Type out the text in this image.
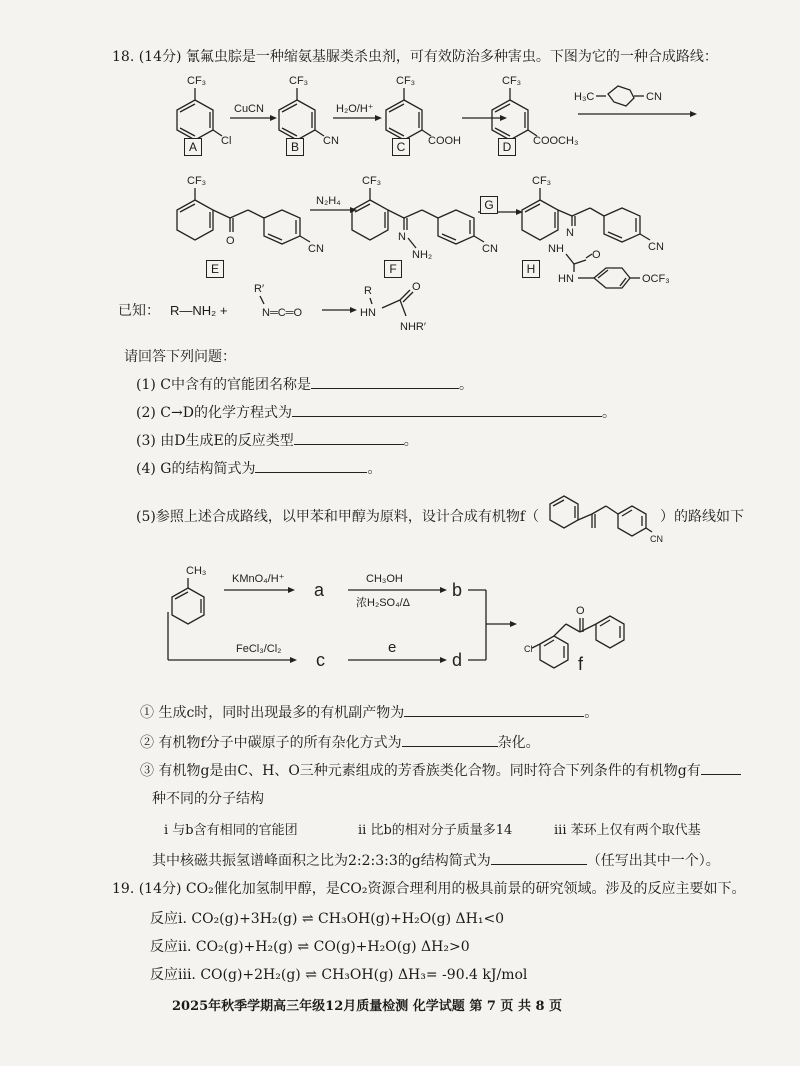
18. (14分) 氰氟虫腙是一种缩氨基脲类杀虫剂，可有效防治多种害虫。下图为它的一种合成路线：
CF₃
Cl
CuCN
CF₃
CN
H₂O/H⁺
CF₃
COOH
CF₃
COOCH₃
H₃C	CN
A	B	C	D
CF₃
O
CN
N₂H₄
CF₃
N
NH₂	CN
CF₃
N
NH	CN
O
HN	OCF₃
G
E	F	H
已知： R—NH₂ +
R′
N═C═O
R
HN
O
NHR′
请回答下列问题：
(1) C中含有的官能团名称是	。
(2) C→D的化学方程式为	。
(3) 由D生成E的反应类型	。
(4) G的结构简式为	。
(5)参照上述合成路线，以甲苯和甲醇为原料，设计合成有机物f（
CN
）的路线如下
CH₃
KMnO₄/H⁺
a
CH₃OH
浓H₂SO₄/Δ
b
FeCl₃/Cl₂
c
e
d
Cl
O
f
① 生成c时，同时出现最多的有机副产物为	。
② 有机物f分子中碳原子的所有杂化方式为	杂化。
③ 有机物g是由C、H、O三种元素组成的芳香族类化合物。同时符合下列条件的有机物g有
种不同的分子结构
i 与b含有相同的官能团	ii 比b的相对分子质量多14	iii 苯环上仅有两个取代基
其中核磁共振氢谱峰面积之比为2:2:3:3的g结构简式为	（任写出其中一个）。
19. (14分) CO₂催化加氢制甲醇，是CO₂资源合理利用的极具前景的研究领域。涉及的反应主要如下。
反应i. CO₂(g)+3H₂(g) ⇌ CH₃OH(g)+H₂O(g) ΔH₁<0
反应ii. CO₂(g)+H₂(g) ⇌ CO(g)+H₂O(g) ΔH₂>0
反应iii. CO(g)+2H₂(g) ⇌ CH₃OH(g) ΔH₃= -90.4 kJ/mol
2025年秋季学期高三年级12月质量检测 化学试题 第 7 页 共 8 页
